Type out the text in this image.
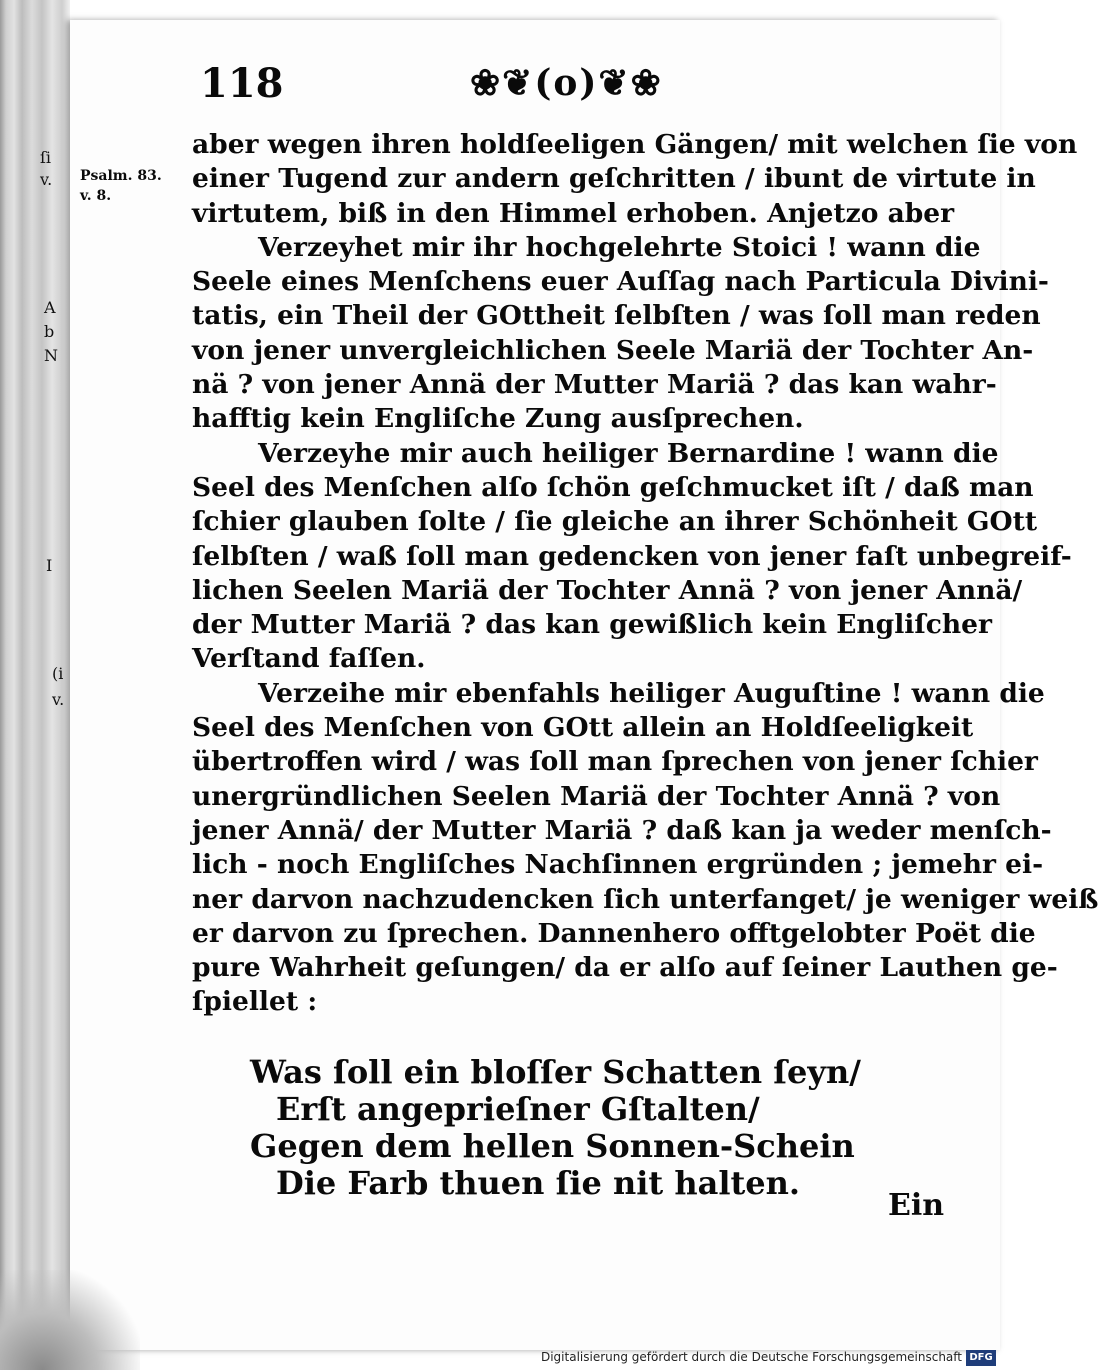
ſi
v.
A
b
N
I
(i
v.
118	❀❦(o)❦❀
Psalm. 83.
v. 8.
aber wegen ihren holdſeeligen Gängen/ mit welchen ſie von
einer Tugend zur andern geſchritten / ibunt de virtute in
virtutem, biß in den Himmel erhoben. Anjetzo aber
Verzeyhet mir ihr hochgelehrte Stoici ! wann die
Seele eines Menſchens euer Auſſag nach Particula Divini-
tatis, ein Theil der GOttheit ſelbſten / was ſoll man reden
von jener unvergleichlichen Seele Mariä der Tochter An-
nä ? von jener Annä der Mutter Mariä ? das kan wahr-
hafftig kein Engliſche Zung ausſprechen.
Verzeyhe mir auch heiliger Bernardine ! wann die
Seel des Menſchen alſo ſchön geſchmucket iſt / daß man
ſchier glauben ſolte / ſie gleiche an ihrer Schönheit GOtt
ſelbſten / waß ſoll man gedencken von jener faſt unbegreif-
lichen Seelen Mariä der Tochter Annä ? von jener Annä/
der Mutter Mariä ? das kan gewißlich kein Engliſcher
Verſtand faſſen.
Verzeihe mir ebenfahls heiliger Auguſtine ! wann die
Seel des Menſchen von GOtt allein an Holdſeeligkeit
übertroffen wird / was ſoll man ſprechen von jener ſchier
unergründlichen Seelen Mariä der Tochter Annä ? von
jener Annä/ der Mutter Mariä ? daß kan ja weder menſch-
lich - noch Engliſches Nachſinnen ergründen ; jemehr ei-
ner darvon nachzudencken ſich unterfanget/ je weniger weiß
er darvon zu ſprechen. Dannenhero offtgelobter Poët die
pure Wahrheit geſungen/ da er alſo auf ſeiner Lauthen ge-
ſpiellet :
Was ſoll ein bloſſer Schatten ſeyn/
Erſt angeprieſner Gſtalten/
Gegen dem hellen Sonnen-Schein
Die Farb thuen ſie nit halten.
Ein
Digitalisierung gefördert durch die Deutsche Forschungsgemeinschaft DFG
